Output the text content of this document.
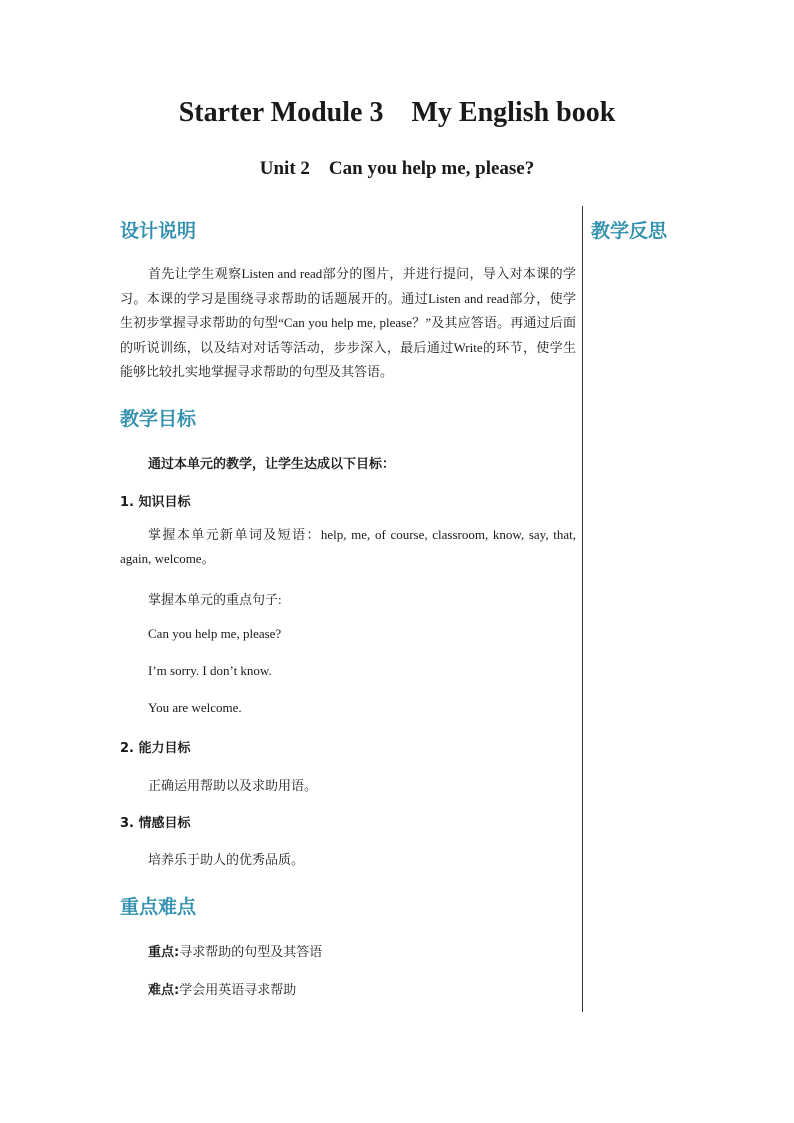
Starter Module 3    My English book
Unit 2    Can you help me, please?
教学反思
设计说明
首先让学生观察Listen and read部分的图片，并进行提问，导入对本课的学习。本课的学习是围绕寻求帮助的话题展开的。通过Listen and read部分，使学生初步掌握寻求帮助的句型“Can you help me, please？”及其应答语。再通过后面的听说训练，以及结对对话等活动，步步深入，最后通过Write的环节，使学生能够比较扎实地掌握寻求帮助的句型及其答语。
教学目标
通过本单元的教学，让学生达成以下目标：
1. 知识目标
掌握本单元新单词及短语：help, me, of course, classroom, know, say, that, again, welcome。
掌握本单元的重点句子:
Can you help me, please?
I’m sorry. I don’t know.
You are welcome.
2. 能力目标
正确运用帮助以及求助用语。
3. 情感目标
培养乐于助人的优秀品质。
重点难点
重点:寻求帮助的句型及其答语
难点:学会用英语寻求帮助
